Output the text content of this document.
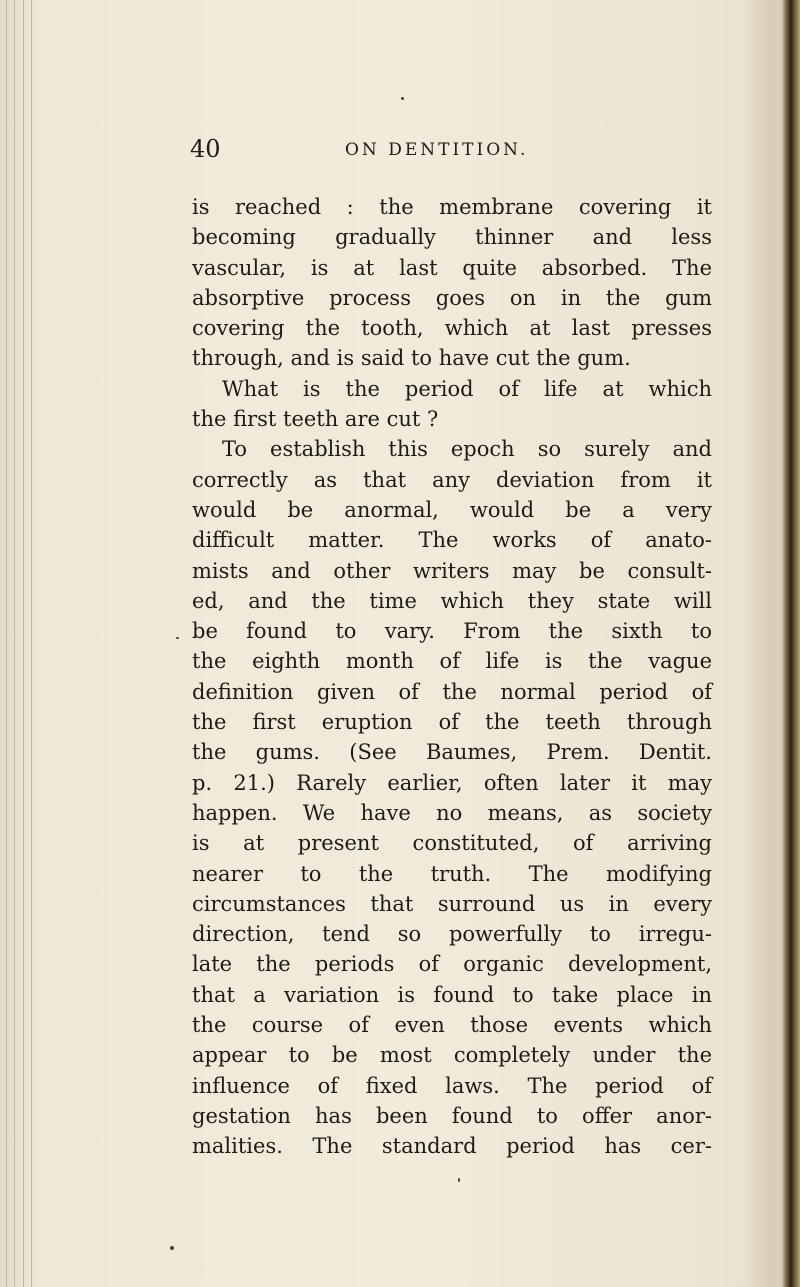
40	ON DENTITION.
is reached : the membrane covering it
becoming gradually thinner and less
vascular, is at last quite absorbed. The
absorptive process goes on in the gum
covering the tooth, which at last presses
through, and is said to have cut the gum.
What is the period of life at which
the first teeth are cut ?
To establish this epoch so surely and
correctly as that any deviation from it
would be anormal, would be a very
difficult matter. The works of anato-
mists and other writers may be consult-
ed, and the time which they state will
be found to vary. From the sixth to
the eighth month of life is the vague
definition given of the normal period of
the first eruption of the teeth through
the gums. (See Baumes, Prem. Dentit.
p. 21.) Rarely earlier, often later it may
happen. We have no means, as society
is at present constituted, of arriving
nearer to the truth. The modifying
circumstances that surround us in every
direction, tend so powerfully to irregu-
late the periods of organic development,
that a variation is found to take place in
the course of even those events which
appear to be most completely under the
influence of fixed laws. The period of
gestation has been found to offer anor-
malities. The standard period has cer-
